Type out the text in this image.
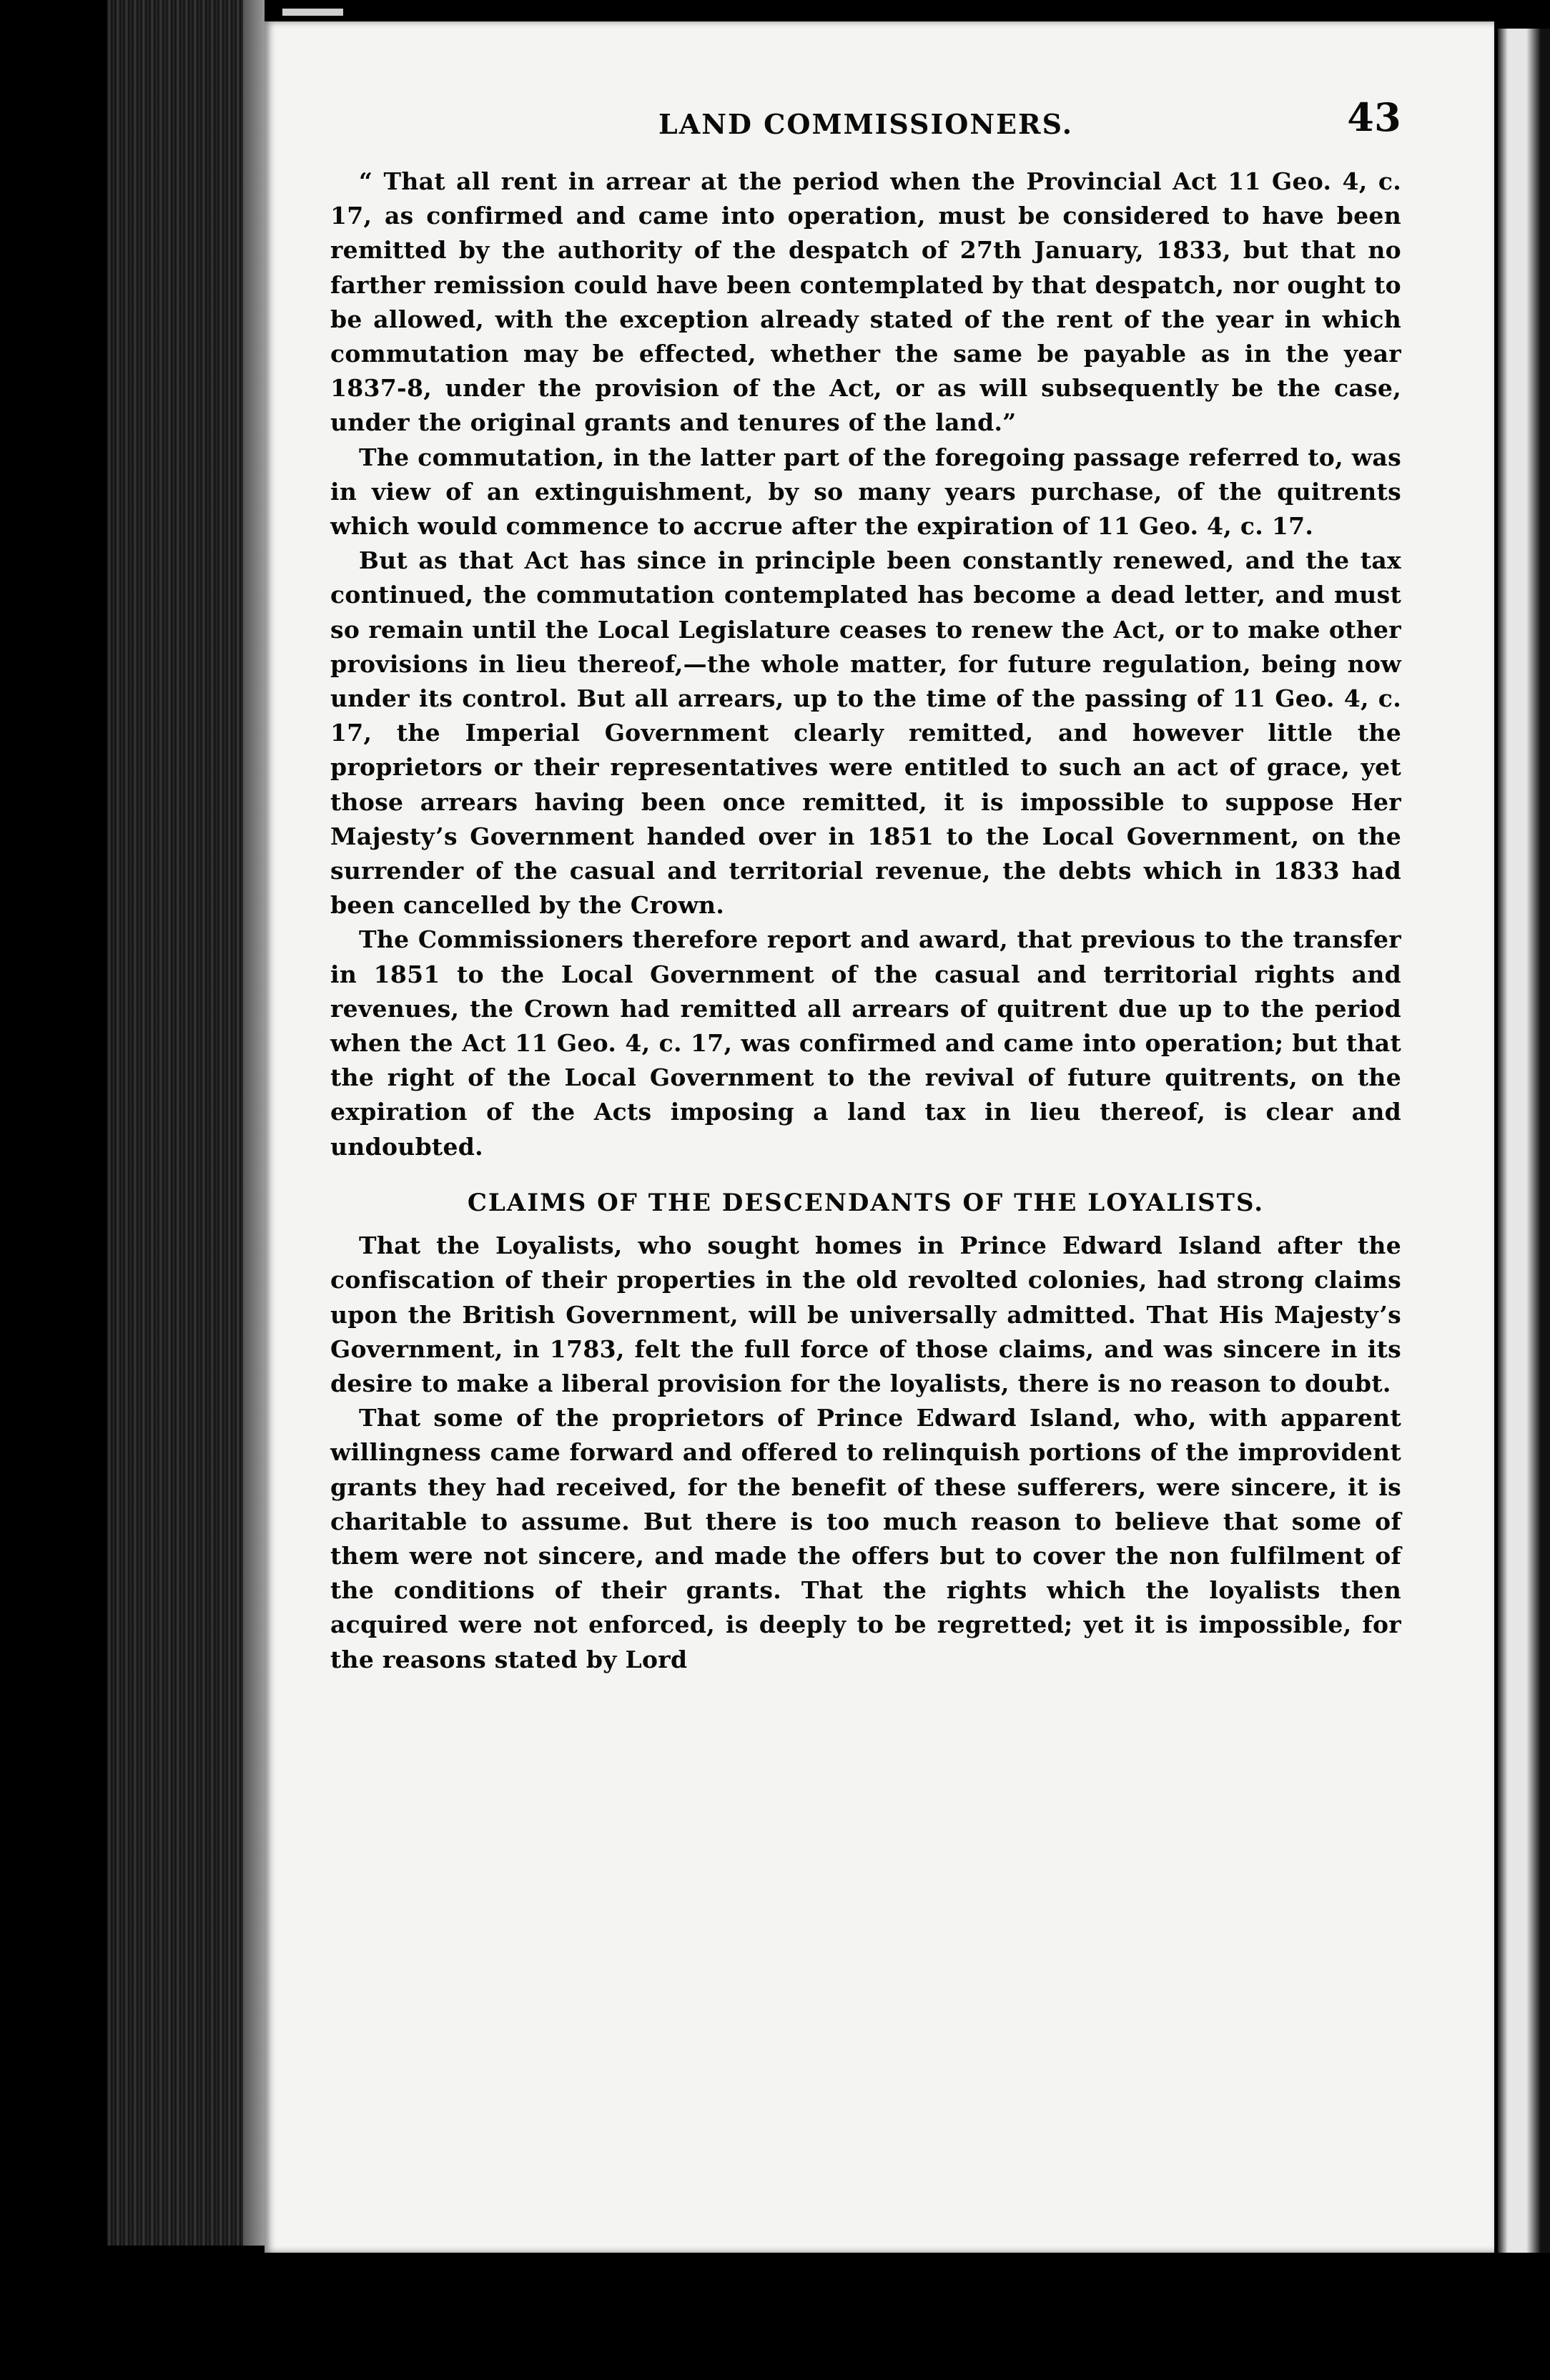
LAND COMMISSIONERS.	43

“ That all rent in arrear at the period when the Provincial Act 11 Geo. 4, c. 17, as confirmed and came into operation, must be considered to have been remitted by the authority of the despatch of 27th January, 1833, but that no farther remission could have been contemplated by that despatch, nor ought to be allowed, with the exception already stated of the rent of the year in which commutation may be effected, whether the same be payable as in the year 1837-8, under the provision of the Act, or as will subsequently be the case, under the original grants and tenures of the land.”

The commutation, in the latter part of the foregoing passage referred to, was in view of an extinguishment, by so many years purchase, of the quitrents which would commence to accrue after the expiration of 11 Geo. 4, c. 17.

But as that Act has since in principle been constantly renewed, and the tax continued, the commutation contemplated has become a dead letter, and must so remain until the Local Legislature ceases to renew the Act, or to make other provisions in lieu thereof,—the whole matter, for future regulation, being now under its control. But all arrears, up to the time of the passing of 11 Geo. 4, c. 17, the Imperial Government clearly remitted, and however little the proprietors or their representatives were entitled to such an act of grace, yet those arrears having been once remitted, it is impossible to suppose Her Majesty’s Government handed over in 1851 to the Local Government, on the surrender of the casual and territorial revenue, the debts which in 1833 had been cancelled by the Crown.

The Commissioners therefore report and award, that previous to the transfer in 1851 to the Local Government of the casual and territorial rights and revenues, the Crown had remitted all arrears of quitrent due up to the period when the Act 11 Geo. 4, c. 17, was confirmed and came into operation; but that the right of the Local Government to the revival of future quitrents, on the expiration of the Acts imposing a land tax in lieu thereof, is clear and undoubted.

CLAIMS OF THE DESCENDANTS OF THE LOYALISTS.

That the Loyalists, who sought homes in Prince Edward Island after the confiscation of their properties in the old revolted colonies, had strong claims upon the British Government, will be universally admitted. That His Majesty’s Government, in 1783, felt the full force of those claims, and was sincere in its desire to make a liberal provision for the loyalists, there is no reason to doubt.

That some of the proprietors of Prince Edward Island, who, with apparent willingness came forward and offered to relinquish portions of the improvident grants they had received, for the benefit of these sufferers, were sincere, it is charitable to assume. But there is too much reason to believe that some of them were not sincere, and made the offers but to cover the non fulfilment of the conditions of their grants. That the rights which the loyalists then acquired were not enforced, is deeply to be regretted; yet it is impossible, for the reasons stated by Lord
